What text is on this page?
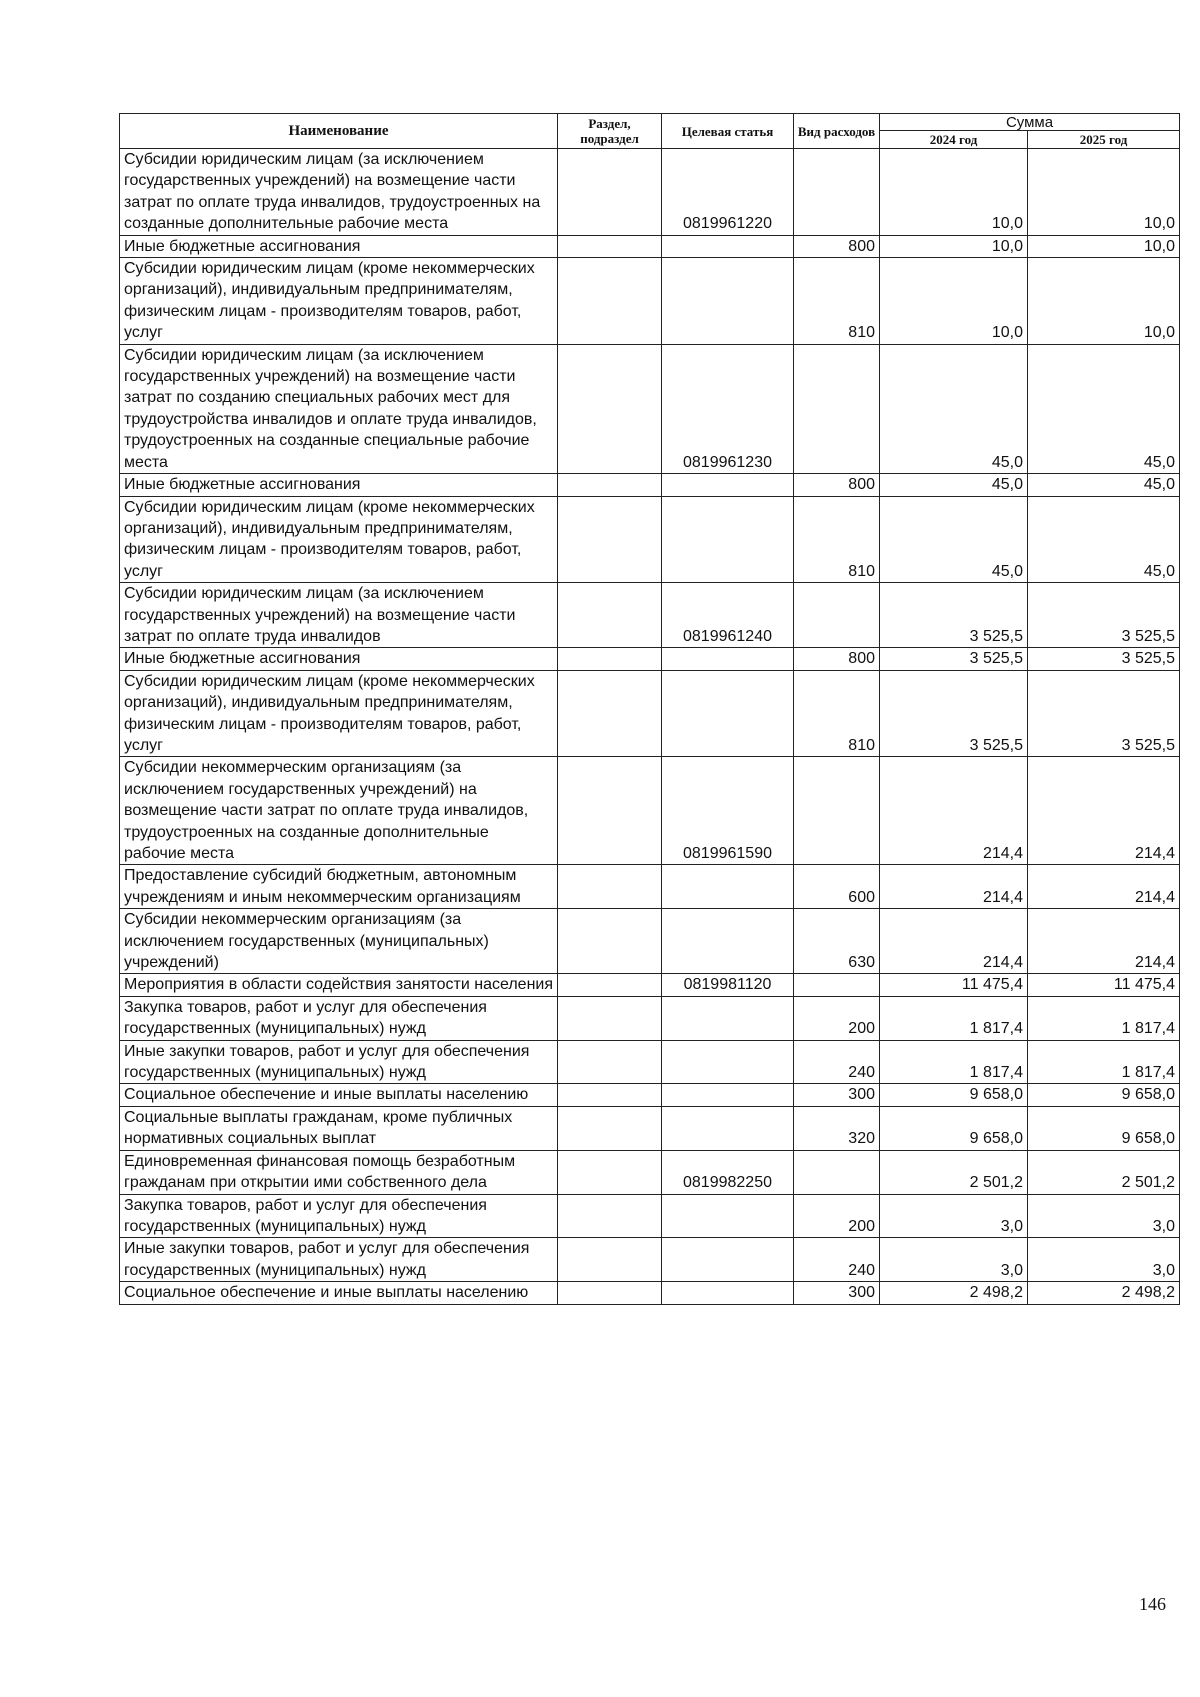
Наименование	Раздел, подраздел	Целевая статья	Вид расходов	Сумма	
				2024 год	2025 год
Субсидии юридическим лицам (за исключением государственных учреждений) на возмещение части затрат по оплате труда инвалидов, трудоустроенных на созданные дополнительные рабочие места		0819961220		10,0	10,0
Иные бюджетные ассигнования			800	10,0	10,0
Субсидии юридическим лицам (кроме некоммерческих организаций), индивидуальным предпринимателям, физическим лицам - производителям товаров, работ, услуг			810	10,0	10,0
Субсидии юридическим лицам (за исключением государственных учреждений) на возмещение части затрат по созданию специальных рабочих мест для трудоустройства инвалидов и оплате труда инвалидов, трудоустроенных на созданные специальные рабочие места		0819961230		45,0	45,0
Иные бюджетные ассигнования			800	45,0	45,0
Субсидии юридическим лицам (кроме некоммерческих организаций), индивидуальным предпринимателям, физическим лицам - производителям товаров, работ, услуг			810	45,0	45,0
Субсидии юридическим лицам (за исключением государственных учреждений) на возмещение части затрат по оплате труда инвалидов		0819961240		3 525,5	3 525,5
Иные бюджетные ассигнования			800	3 525,5	3 525,5
Субсидии юридическим лицам (кроме некоммерческих организаций), индивидуальным предпринимателям, физическим лицам - производителям товаров, работ, услуг			810	3 525,5	3 525,5
Субсидии некоммерческим организациям (за исключением государственных учреждений) на возмещение части затрат по оплате труда инвалидов, трудоустроенных на созданные дополнительные рабочие места		0819961590		214,4	214,4
Предоставление субсидий бюджетным, автономным учреждениям и иным некоммерческим организациям			600	214,4	214,4
Субсидии некоммерческим организациям (за исключением государственных (муниципальных) учреждений)			630	214,4	214,4
Мероприятия в области содействия занятости населения		0819981120		11 475,4	11 475,4
Закупка товаров, работ и услуг для обеспечения государственных (муниципальных) нужд			200	1 817,4	1 817,4
Иные закупки товаров, работ и услуг для обеспечения государственных (муниципальных) нужд			240	1 817,4	1 817,4
Социальное обеспечение и иные выплаты населению			300	9 658,0	9 658,0
Социальные выплаты гражданам, кроме публичных нормативных социальных выплат			320	9 658,0	9 658,0
Единовременная финансовая помощь безработным гражданам при открытии ими собственного дела		0819982250		2 501,2	2 501,2
Закупка товаров, работ и услуг для обеспечения государственных (муниципальных) нужд			200	3,0	3,0
Иные закупки товаров, работ и услуг для обеспечения государственных (муниципальных) нужд			240	3,0	3,0
Социальное обеспечение и иные выплаты населению			300	2 498,2	2 498,2
146
